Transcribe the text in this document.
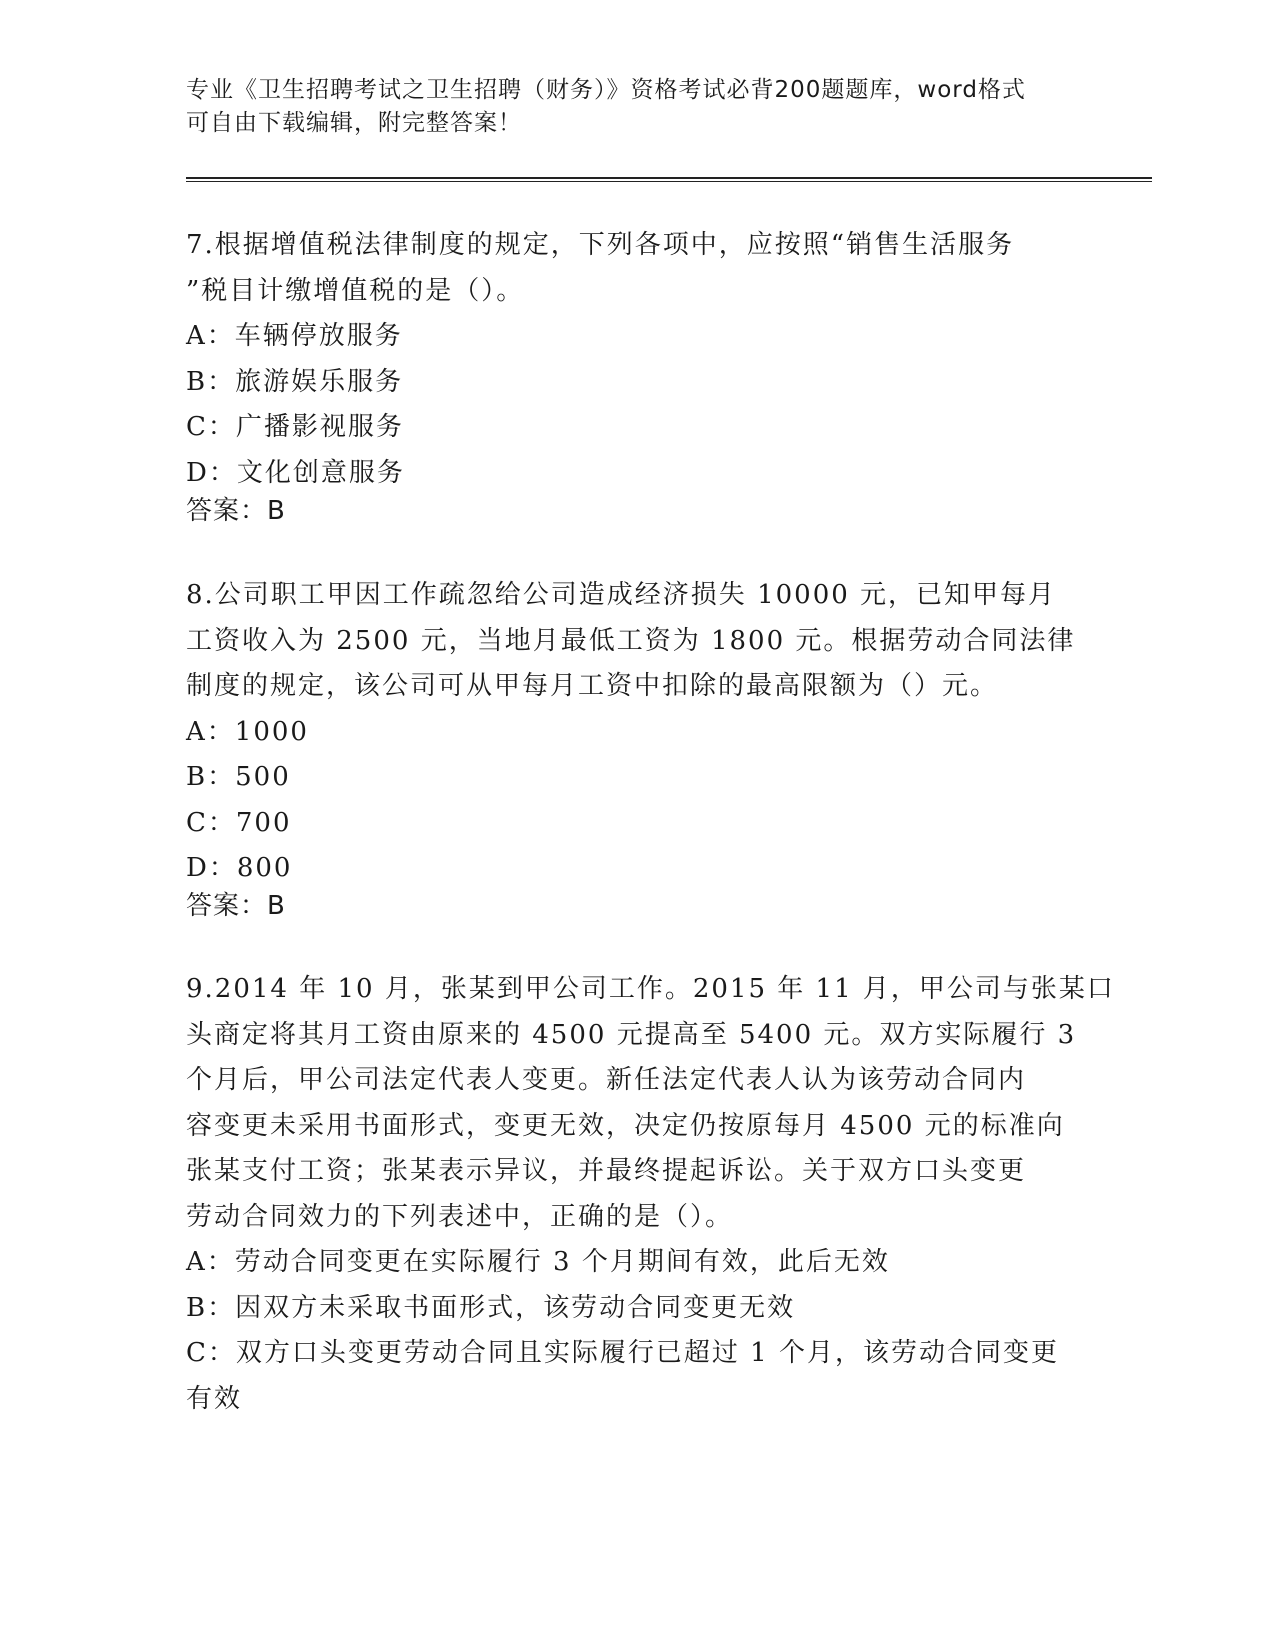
专业《卫生招聘考试之卫生招聘（财务）》资格考试必背200题题库，word格式
可自由下载编辑，附完整答案！
7.根据增值税法律制度的规定，下列各项中，应按照“销售生活服务
”税目计缴增值税的是（）。
A：车辆停放服务
B：旅游娱乐服务
C：广播影视服务
D：文化创意服务
答案：B
8.公司职工甲因工作疏忽给公司造成经济损失 10000 元，已知甲每月
工资收入为 2500 元，当地月最低工资为 1800 元。根据劳动合同法律
制度的规定，该公司可从甲每月工资中扣除的最高限额为（）元。
A：1000
B：500
C：700
D：800
答案：B
9.2014 年 10 月，张某到甲公司工作。2015 年 11 月，甲公司与张某口
头商定将其月工资由原来的 4500 元提高至 5400 元。双方实际履行 3
个月后，甲公司法定代表人变更。新任法定代表人认为该劳动合同内
容变更未采用书面形式，变更无效，决定仍按原每月 4500 元的标准向
张某支付工资；张某表示异议，并最终提起诉讼。关于双方口头变更
劳动合同效力的下列表述中，正确的是（）。
A：劳动合同变更在实际履行 3 个月期间有效，此后无效
B：因双方未采取书面形式，该劳动合同变更无效
C：双方口头变更劳动合同且实际履行已超过 1 个月，该劳动合同变更
有效
